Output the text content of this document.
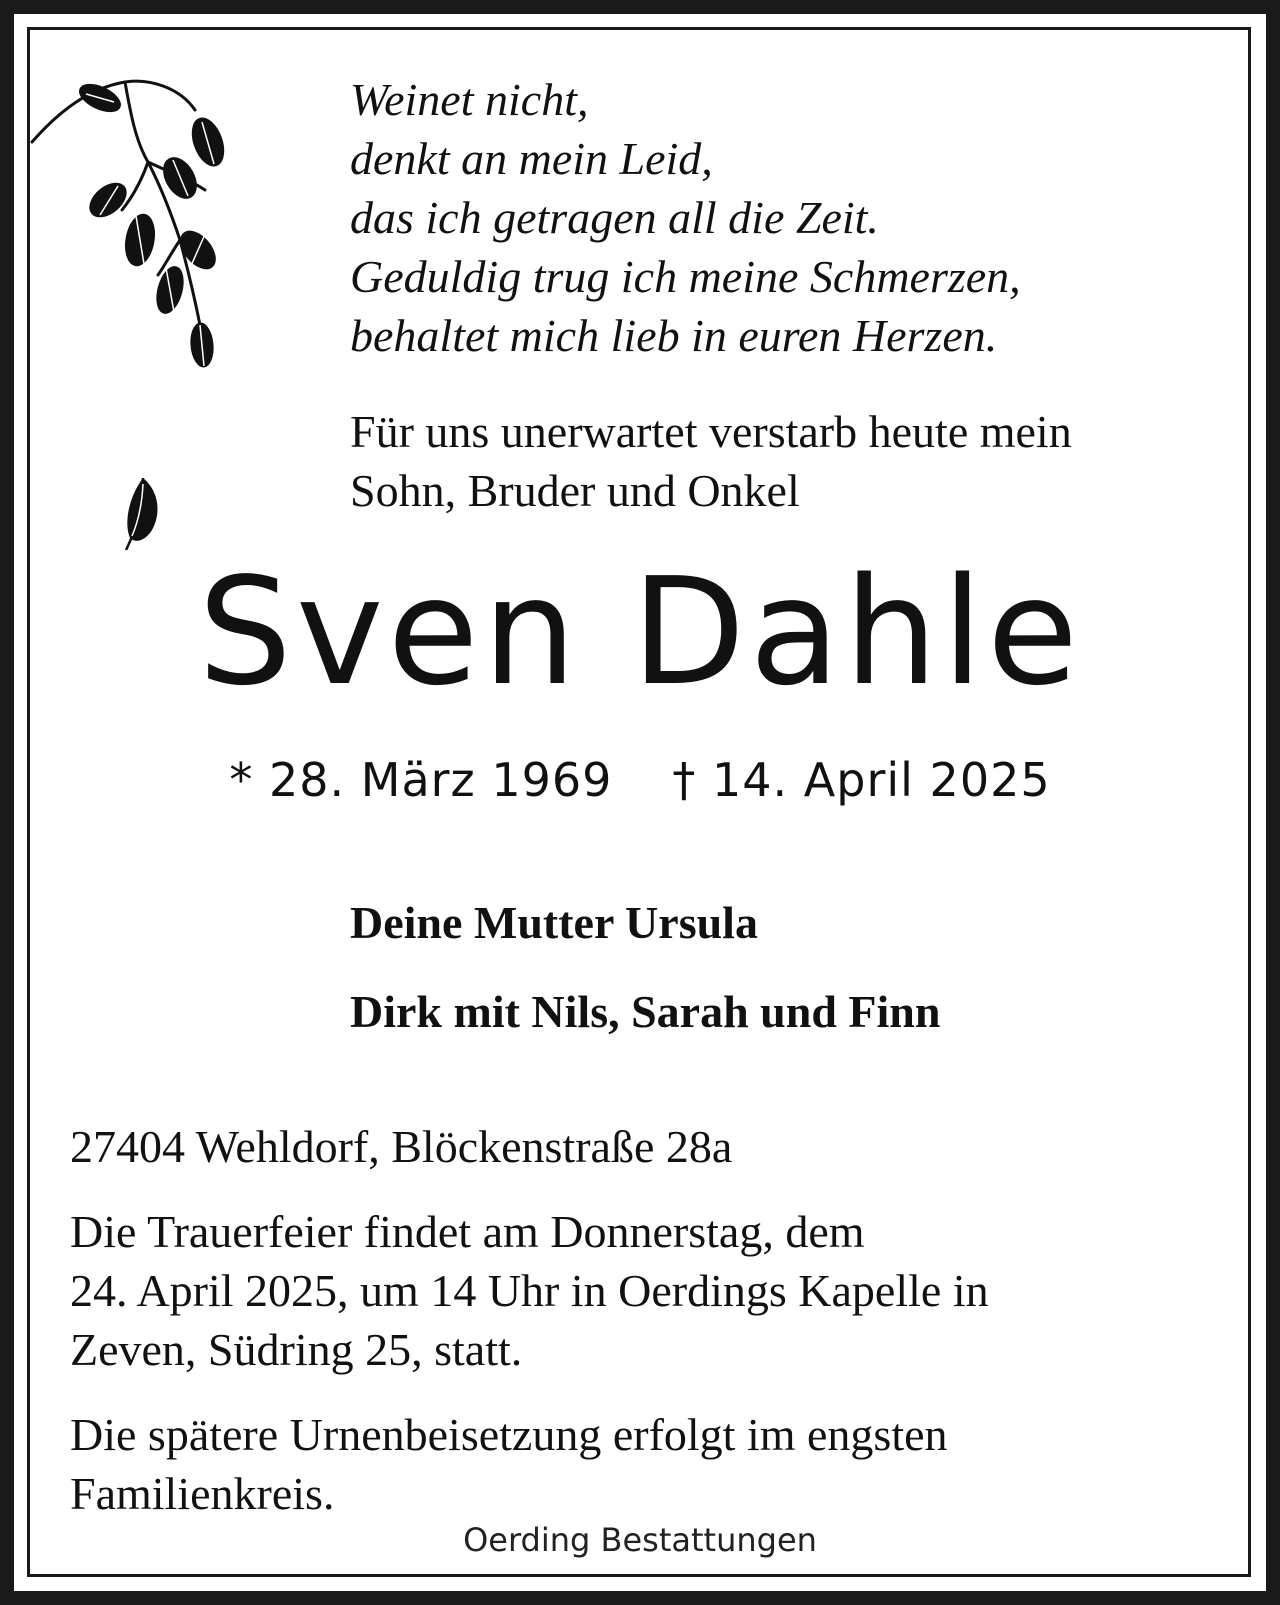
Weinet nicht,
denkt an mein Leid,
das ich getragen all die Zeit.
Geduldig trug ich meine Schmerzen,
behaltet mich lieb in euren Herzen.

Für uns unerwartet verstarb heute mein
Sohn, Bruder und Onkel

Sven Dahle
* 28. März 1969 † 14. April 2025
Deine Mutter Ursula
Dirk mit Nils, Sarah und Finn

27404 Wehldorf, Blöckenstraße 28a

Die Trauerfeier findet am Donnerstag, dem
24. April 2025, um 14 Uhr in Oerdings Kapelle in
Zeven, Südring 25, statt.

Die spätere Urnenbeisetzung erfolgt im engsten
Familienkreis.

Oerding Bestattungen
